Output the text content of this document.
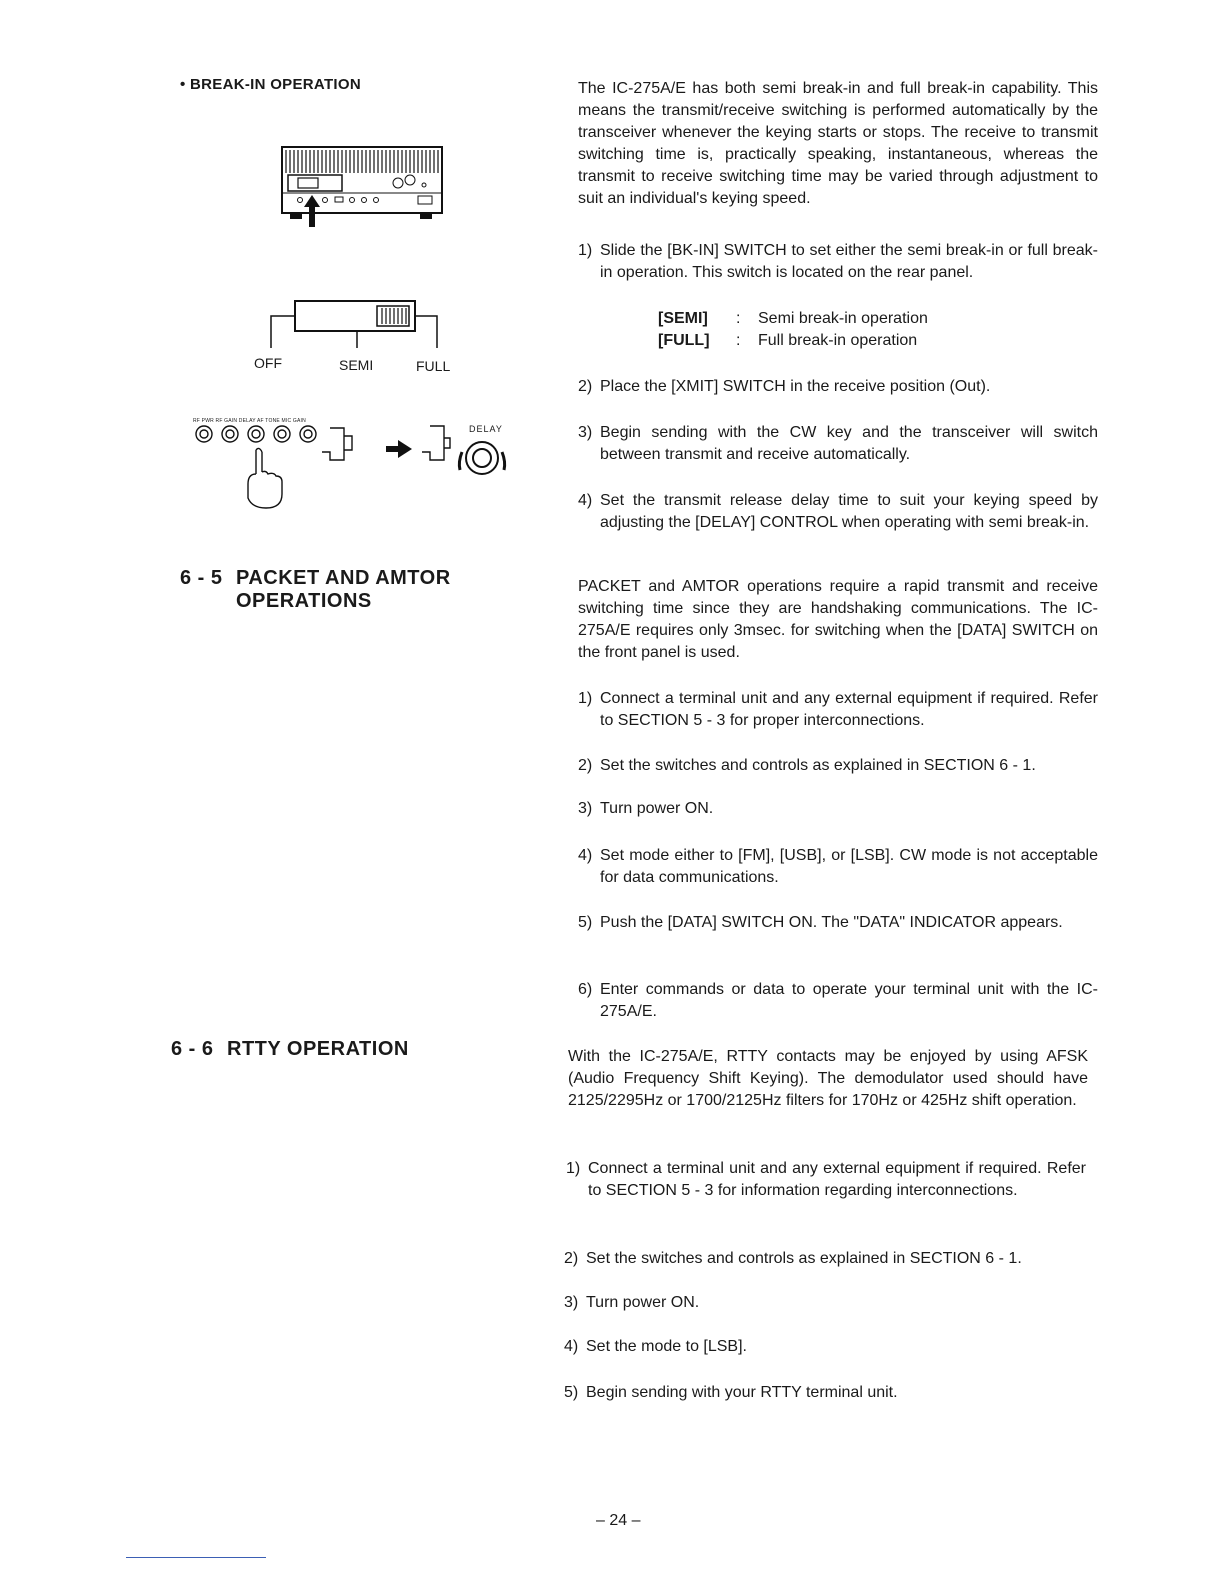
• BREAK-IN OPERATION
OFF	SEMI	FULL
RF PWR RF GAIN DELAY AF TONE MIC GAIN
DELAY
6 - 5 PACKET AND AMTOR
OPERATIONS
6 - 6 RTTY OPERATION

The IC-275A/E has both semi break-in and full break-in capability. This means the transmit/receive switching is performed automatically by the transceiver whenever the keying starts or stops. The receive to transmit switching time is, practically speaking, instantaneous, whereas the transmit to receive switching time may be varied through adjustment to suit an individual's keying speed.

1) Slide the [BK-IN] SWITCH to set either the semi break-in or full break-in operation. This switch is located on the rear panel.
[SEMI]	:	Semi break-in operation
[FULL]	:	Full break-in operation
2) Place the [XMIT] SWITCH in the receive position (Out).
3) Begin sending with the CW key and the transceiver will switch between transmit and receive automatically.
4) Set the transmit release delay time to suit your keying speed by adjusting the [DELAY] CONTROL when operating with semi break-in.

PACKET and AMTOR operations require a rapid transmit and receive switching time since they are handshaking communications. The IC-275A/E requires only 3msec. for switching when the [DATA] SWITCH on the front panel is used.

1) Connect a terminal unit and any external equipment if required. Refer to SECTION 5 - 3 for proper interconnections.
2) Set the switches and controls as explained in SECTION 6 - 1.
3) Turn power ON.
4) Set mode either to [FM], [USB], or [LSB]. CW mode is not acceptable for data communications.
5) Push the [DATA] SWITCH ON. The "DATA" INDICATOR appears.
6) Enter commands or data to operate your terminal unit with the IC-275A/E.

With the IC-275A/E, RTTY contacts may be enjoyed by using AFSK (Audio Frequency Shift Keying). The demodulator used should have 2125/2295Hz or 1700/2125Hz filters for 170Hz or 425Hz shift operation.

1) Connect a terminal unit and any external equipment if required. Refer to SECTION 5 - 3 for information regarding interconnections.
2) Set the switches and controls as explained in SECTION 6 - 1.
3) Turn power ON.
4) Set the mode to [LSB].
5) Begin sending with your RTTY terminal unit.
– 24 –
